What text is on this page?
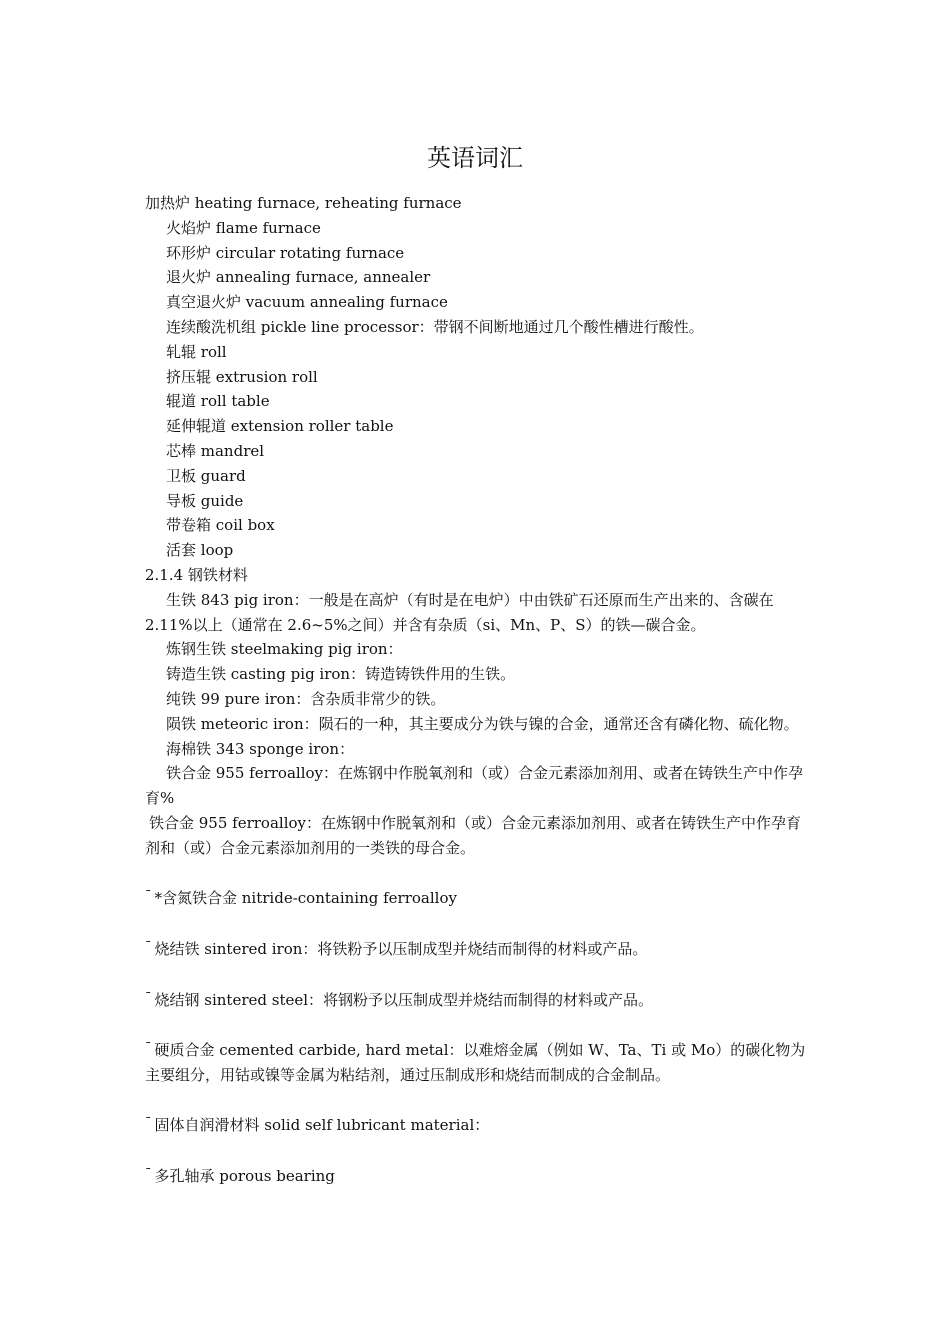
英语词汇

加热炉 heating furnace, reheating furnace

火焰炉 flame furnace

环形炉 circular rotating furnace

退火炉 annealing furnace, annealer

真空退火炉 vacuum annealing furnace

连续酸洗机组 pickle line processor：带钢不间断地通过几个酸性槽进行酸性。

轧辊 roll

挤压辊 extrusion roll

辊道 roll table

延伸辊道 extension roller table

芯棒 mandrel

卫板 guard

导板 guide

带卷箱 coil box

活套 loop

2.1.4 钢铁材料

生铁 843 pig iron：一般是在高炉（有时是在电炉）中由铁矿石还原而生产出来的、含碳在 2.11%以上（通常在 2.6~5%之间）并含有杂质（si、Mn、P、S）的铁—碳合金。

炼钢生铁 steelmaking pig iron：

铸造生铁 casting pig iron：铸造铸铁件用的生铁。

纯铁 99 pure iron：含杂质非常少的铁。

陨铁 meteoric iron：陨石的一种，其主要成分为铁与镍的合金，通常还含有磷化物、硫化物。

海棉铁 343 sponge iron：

铁合金 955 ferroalloy：在炼钢中作脱氧剂和（或）合金元素添加剂用、或者在铸铁生产中作孕育%

铁合金 955 ferroalloy：在炼钢中作脱氧剂和（或）合金元素添加剂用、或者在铸铁生产中作孕育剂和（或）合金元素添加剂用的一类铁的母合金。

¯ *含氮铁合金 nitride-containing ferroalloy

¯ 烧结铁 sintered iron：将铁粉予以压制成型并烧结而制得的材料或产品。

¯ 烧结钢 sintered steel：将钢粉予以压制成型并烧结而制得的材料或产品。

¯ 硬质合金 cemented carbide, hard metal：以难熔金属（例如 W、Ta、Ti 或 Mo）的碳化物为主要组分，用钴或镍等金属为粘结剂，通过压制成形和烧结而制成的合金制品。

¯ 固体自润滑材料 solid self lubricant material：

¯ 多孔轴承 porous bearing
